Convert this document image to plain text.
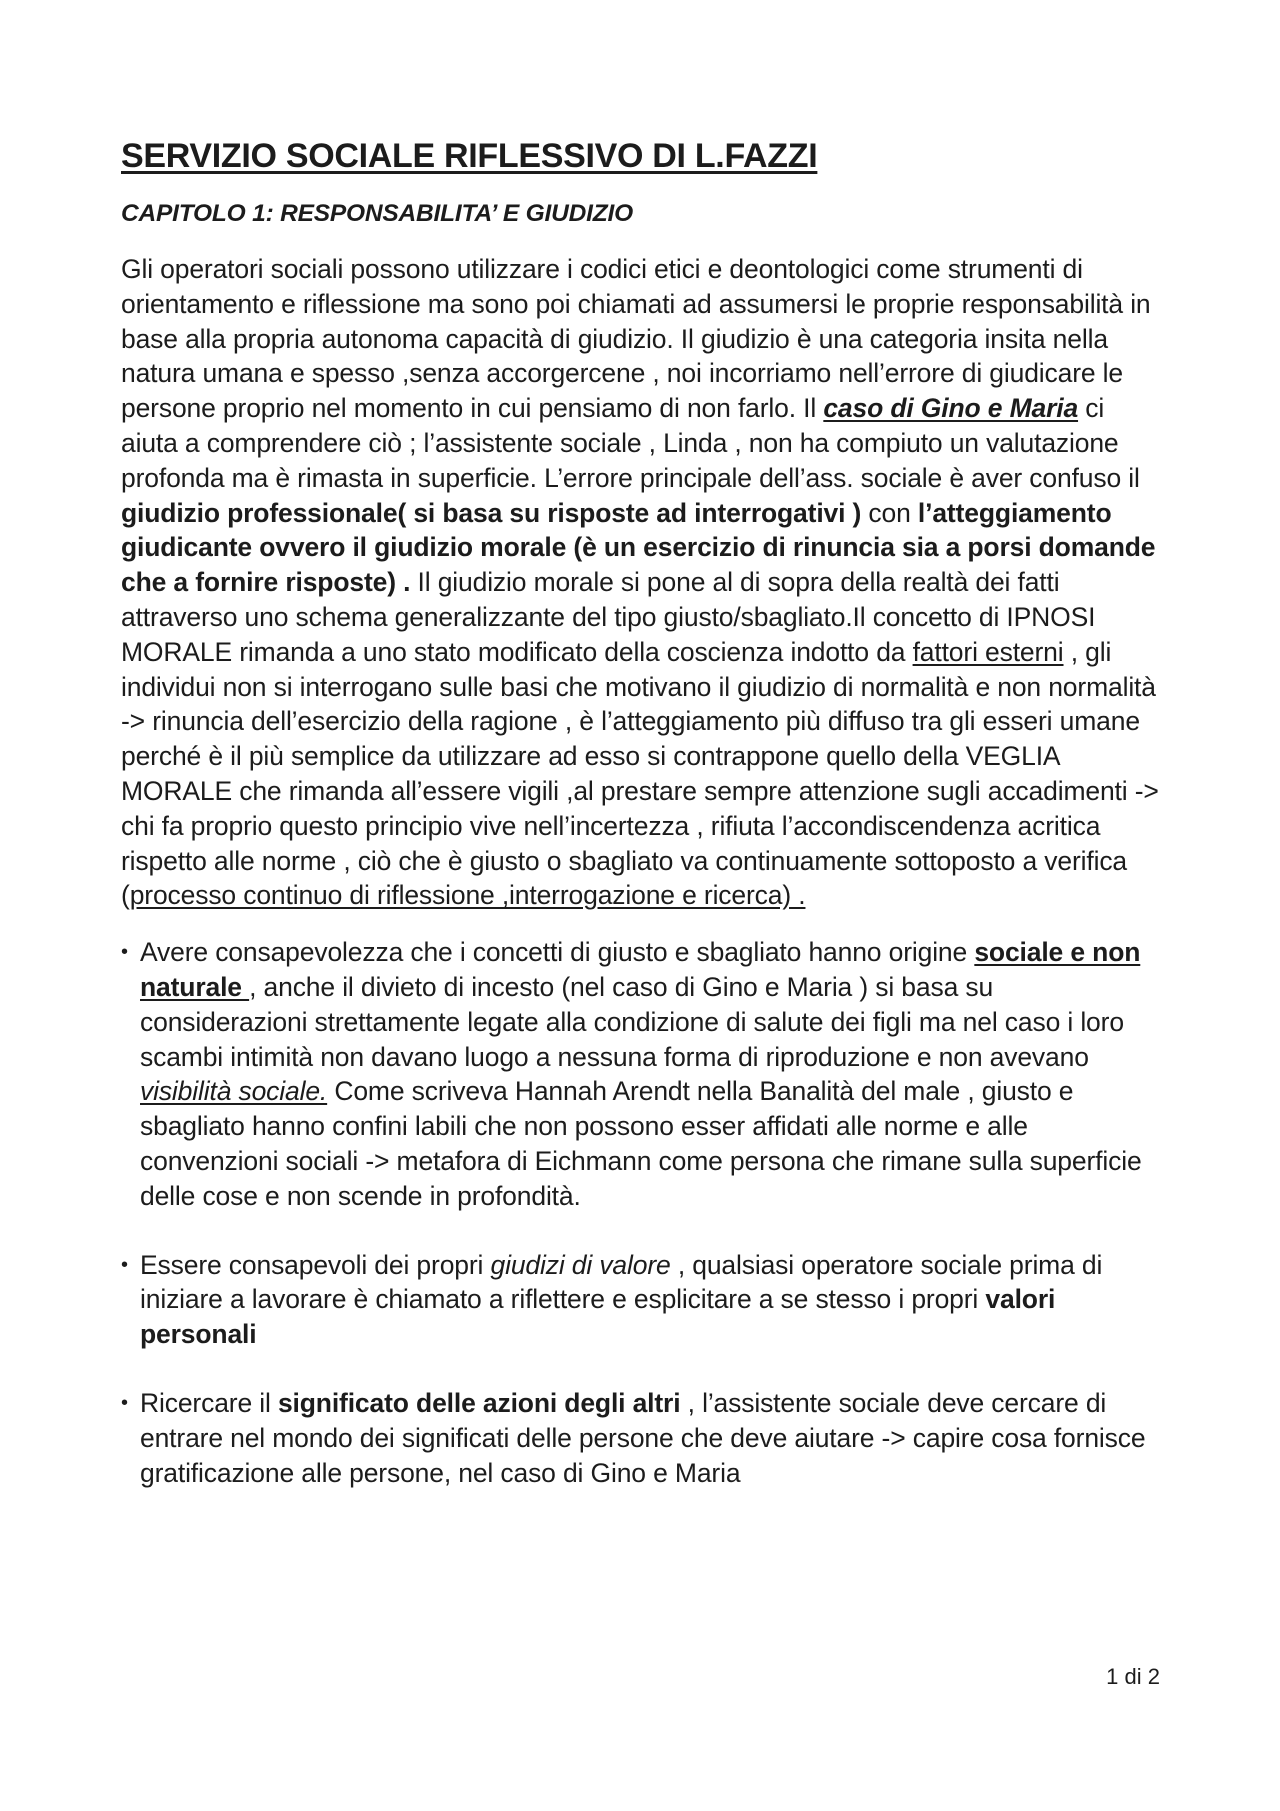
SERVIZIO SOCIALE RIFLESSIVO DI L.FAZZI
CAPITOLO 1: RESPONSABILITA’ E GIUDIZIO

Gli operatori sociali possono utilizzare i codici etici e deontologici come strumenti di orientamento e riflessione ma sono poi chiamati ad assumersi le proprie responsabilità in base alla propria autonoma capacità di giudizio. Il giudizio è una categoria insita nella natura umana e spesso ,senza accorgercene , noi incorriamo nell’errore di giudicare le persone proprio nel momento in cui pensiamo di non farlo. Il caso di Gino e Maria ci aiuta a comprendere ciò ; l’assistente sociale , Linda , non ha compiuto un valutazione profonda ma è rimasta in superficie. L’errore principale dell’ass. sociale è aver confuso il giudizio professionale( si basa su risposte ad interrogativi ) con l’atteggiamento giudicante ovvero il giudizio morale (è un esercizio di rinuncia sia a porsi domande che a fornire risposte) . Il giudizio morale si pone al di sopra della realtà dei fatti attraverso uno schema generalizzante del tipo giusto/sbagliato.Il concetto di IPNOSI MORALE rimanda a uno stato modificato della coscienza indotto da fattori esterni , gli individui non si interrogano sulle basi che motivano il giudizio di normalità e non normalità -> rinuncia dell’esercizio della ragione , è l’atteggiamento più diffuso tra gli esseri umane perché è il più semplice da utilizzare ad esso si contrappone quello della VEGLIA MORALE che rimanda all’essere vigili ,al prestare sempre attenzione sugli accadimenti -> chi fa proprio questo principio vive nell’incertezza , rifiuta l’accondiscendenza acritica rispetto alle norme , ciò che è giusto o sbagliato va continuamente sottoposto a verifica (processo continuo di riflessione ,interrogazione e ricerca) .

• Avere consapevolezza che i concetti di giusto e sbagliato hanno origine sociale e non naturale , anche il divieto di incesto (nel caso di Gino e Maria ) si basa su considerazioni strettamente legate alla condizione di salute dei figli ma nel caso i loro scambi intimità non davano luogo a nessuna forma di riproduzione e non avevano visibilità sociale. Come scriveva Hannah Arendt nella Banalità del male , giusto e sbagliato hanno confini labili che non possono esser affidati alle norme e alle convenzioni sociali -> metafora di Eichmann come persona che rimane sulla superficie delle cose e non scende in profondità.
• Essere consapevoli dei propri giudizi di valore , qualsiasi operatore sociale prima di iniziare a lavorare è chiamato a riflettere e esplicitare a se stesso i propri valori personali
• Ricercare il significato delle azioni degli altri , l’assistente sociale deve cercare di entrare nel mondo dei significati delle persone che deve aiutare -> capire cosa fornisce gratificazione alle persone, nel caso di Gino e Maria
1 di 2
